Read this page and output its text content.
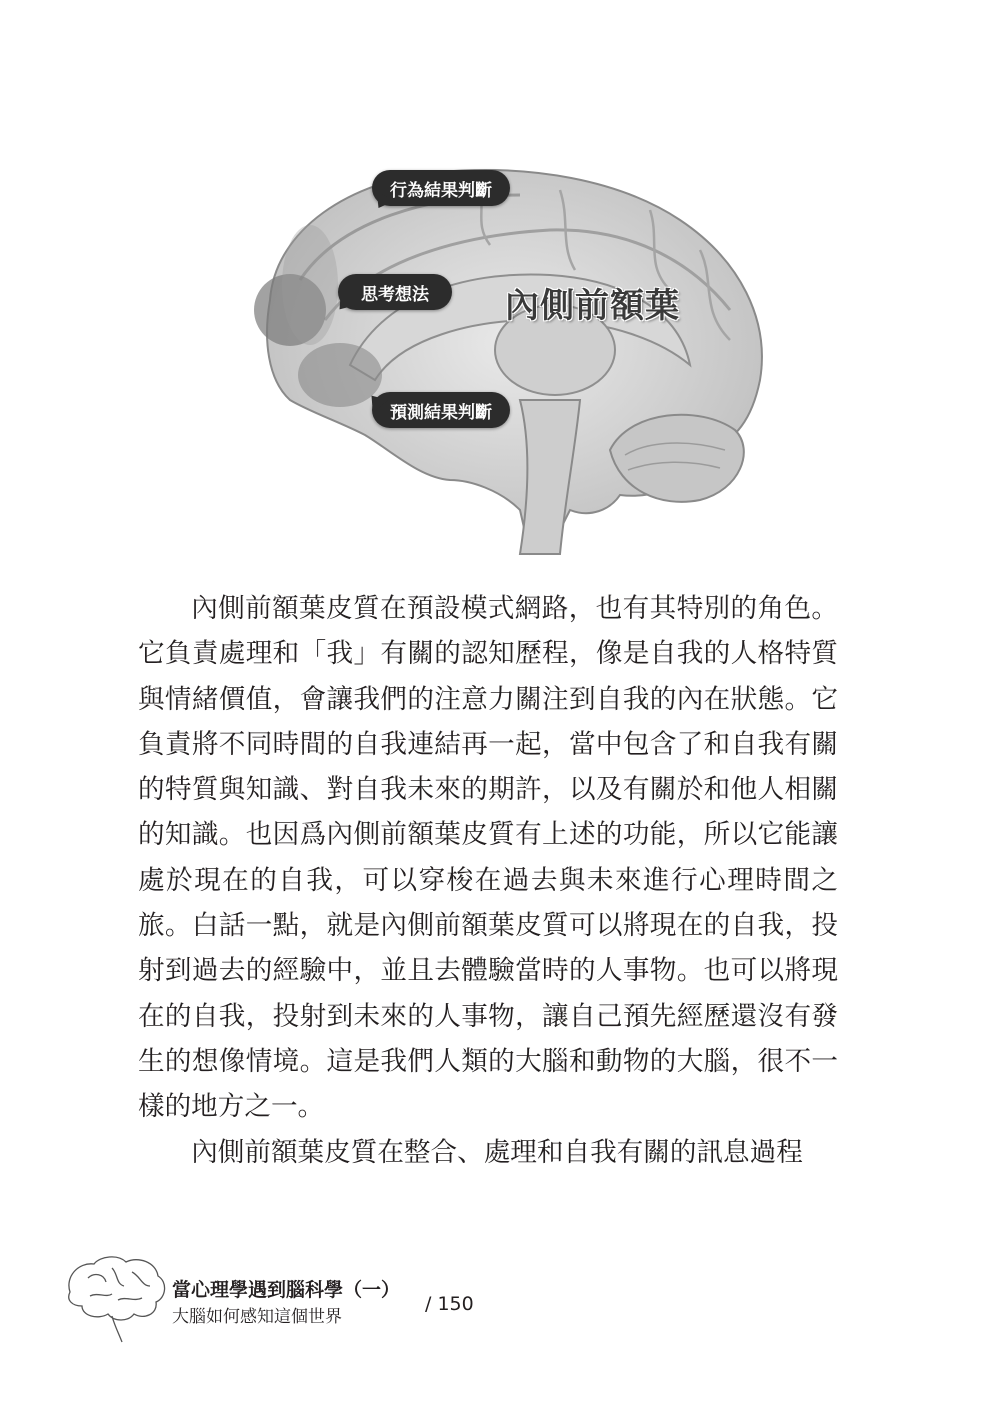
行為結果判斷
思考想法
預測結果判斷
內側前額葉

內側前額葉皮質在預設模式網路，也有其特別的角色。它負責處理和「我」有關的認知歷程，像是自我的人格特質與情緒價值，會讓我們的注意力關注到自我的內在狀態。它負責將不同時間的自我連結再一起，當中包含了和自我有關的特質與知識、對自我未來的期許，以及有關於和他人相關的知識。也因爲內側前額葉皮質有上述的功能，所以它能讓處於現在的自我，可以穿梭在過去與未來進行心理時間之旅。白話一點，就是內側前額葉皮質可以將現在的自我，投射到過去的經驗中，並且去體驗當時的人事物。也可以將現在的自我，投射到未來的人事物，讓自己預先經歷還沒有發生的想像情境。這是我們人類的大腦和動物的大腦，很不一樣的地方之一。

內側前額葉皮質在整合、處理和自我有關的訊息過程

當心理學遇到腦科學（一）
大腦如何感知這個世界
/ 150
